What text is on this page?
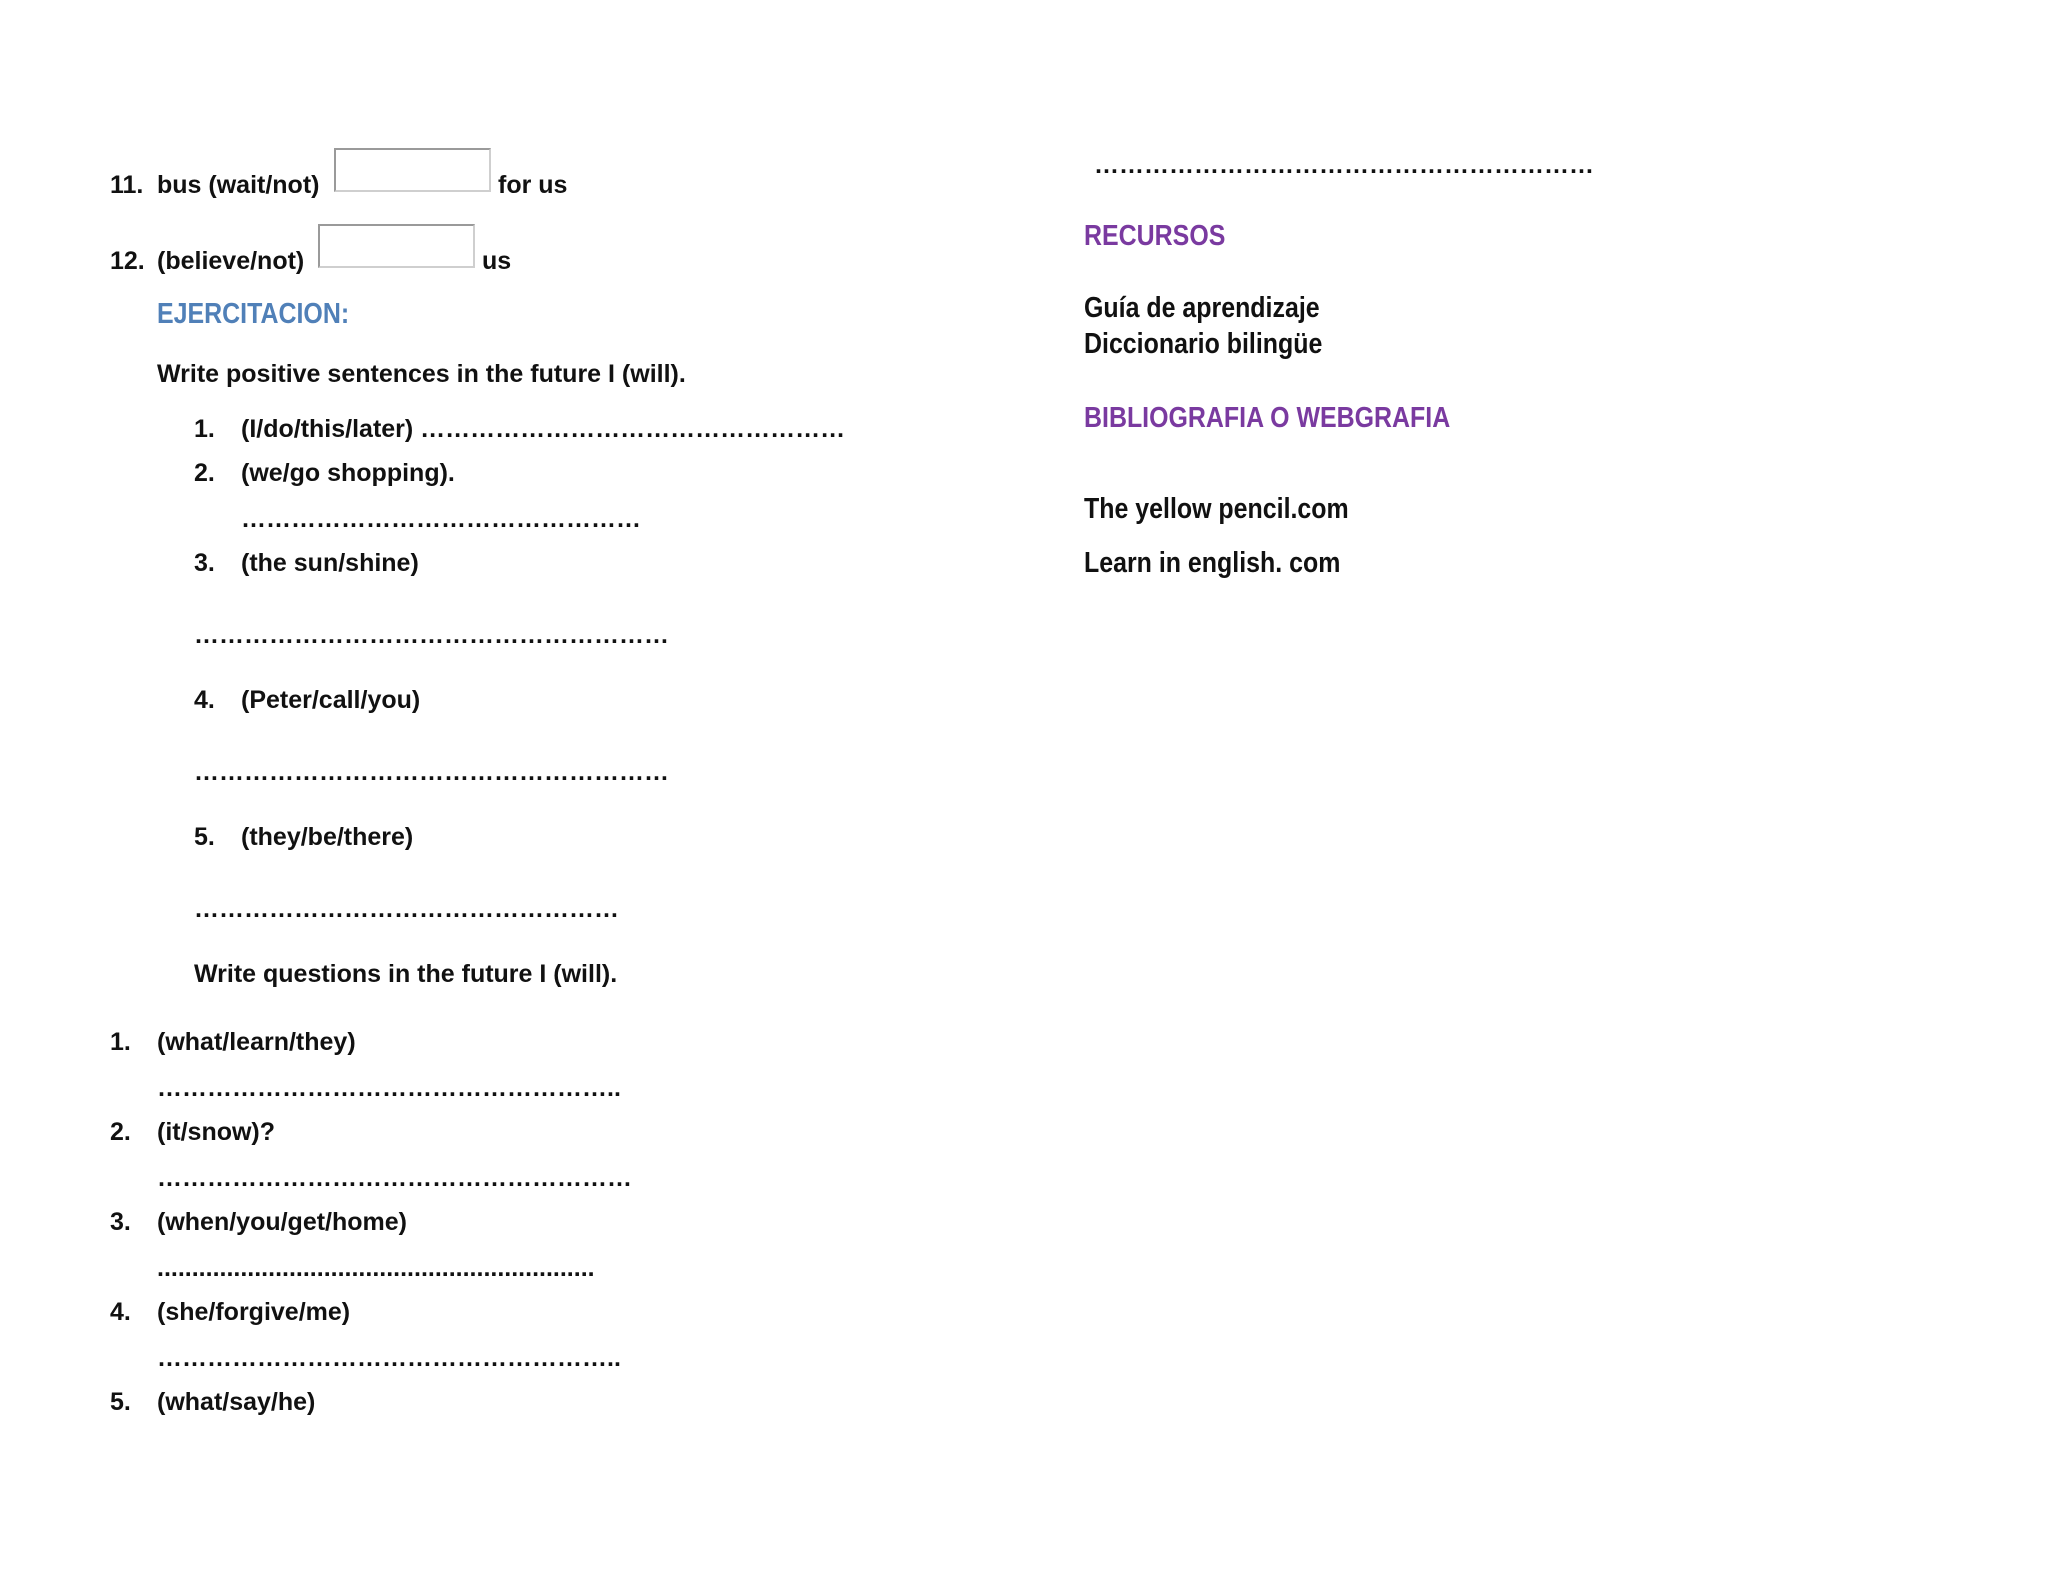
11. bus (wait/not)	for us
12. (believe/not)	us
EJERCITACION:
Write positive sentences in the future I (will).
1. (I/do/this/later) ……………………………………………
2. (we/go shopping).
…………………………………………
3. (the sun/shine)
…………………………………………………
4. (Peter/call/you)
…………………………………………………
5. (they/be/there)
……………………………………………
Write questions in the future I (will).
1. (what/learn/they)
………………………………………………..
2. (it/snow)?
…………………………………………………
3. (when/you/get/home)
...............................................................
4. (she/forgive/me)
………………………………………………..
5. (what/say/he)
……………………………………………………
RECURSOS
Guía de aprendizaje
Diccionario bilingüe
BIBLIOGRAFIA O WEBGRAFIA
The yellow pencil.com
Learn in english. com
